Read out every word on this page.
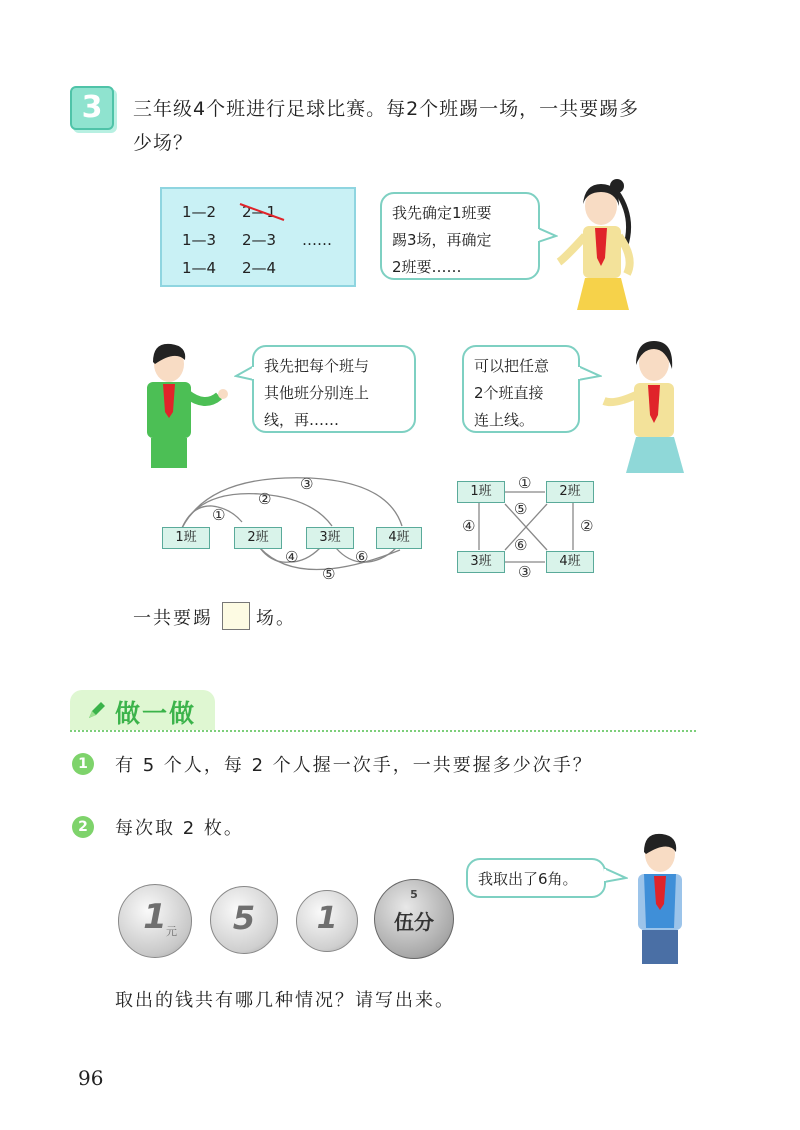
3	三年级4个班进行足球比赛。每2个班踢一场，一共要踢多
少场？
1—2 2—1
1—3 2—3 ……
1—4 2—4
我先确定1班要
踢3场，再确定
2班要……
我先把每个班与
其他班分别连上
线，再……
可以把任意
2个班直接
连上线。
1班	2班	3班	4班
①
②
③
④
⑤
⑥
1班	2班
3班	4班
①
②
③
④
⑤
⑥
一共要踢 场。
做一做
1	有 5 个人，每 2 个人握一次手，一共要握多少次手？
2	每次取 2 枚。
我取出了6角。
1 元	5	1
5
伍分
取出的钱共有哪几种情况？请写出来。
96
